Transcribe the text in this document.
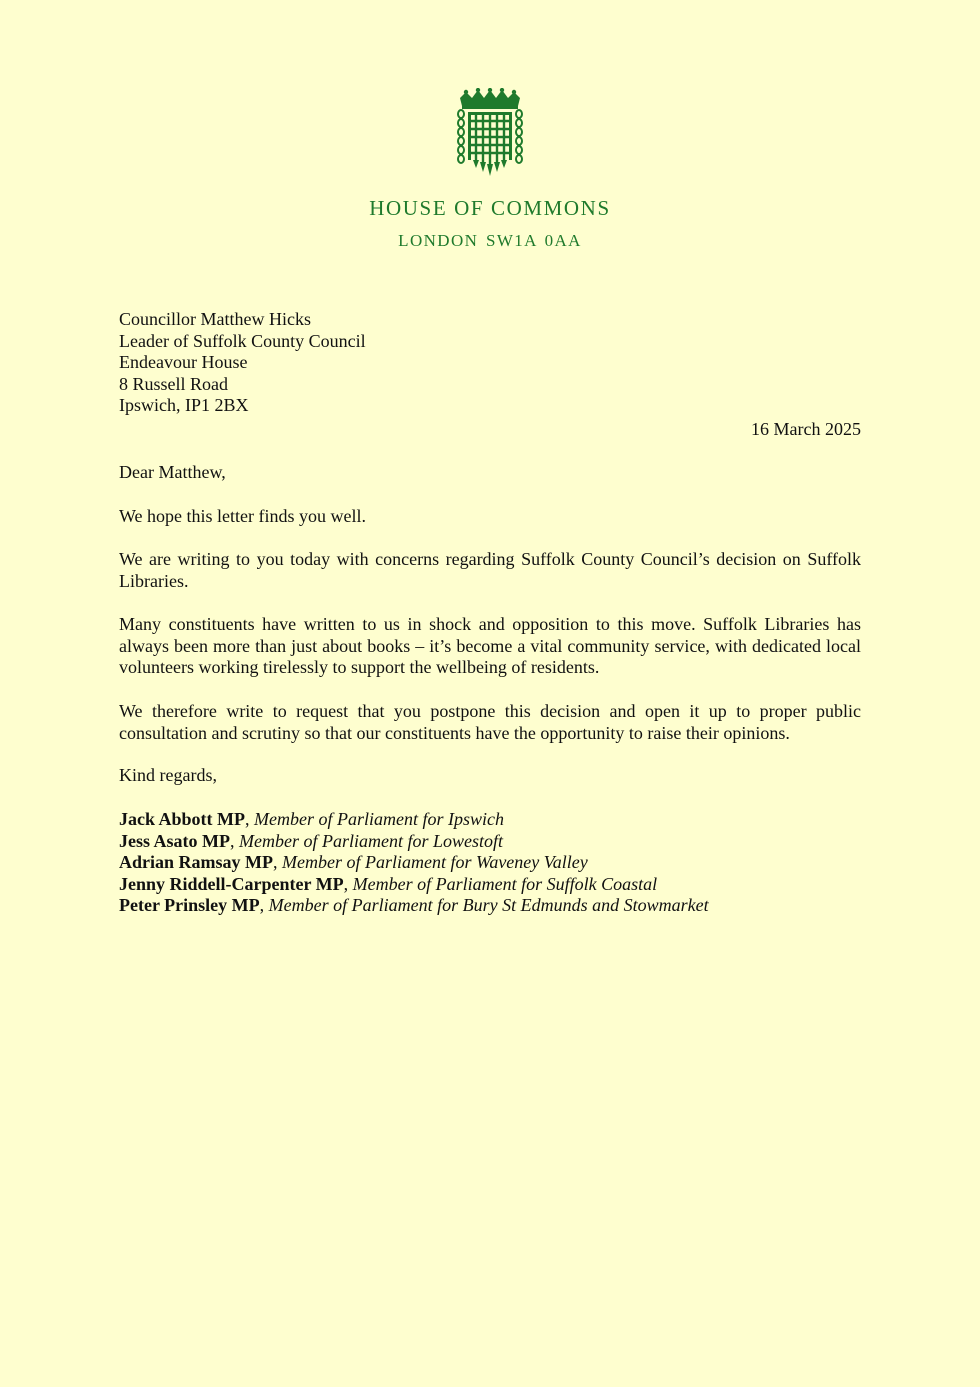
HOUSE OF COMMONS
LONDON SW1A 0AA
Councillor Matthew Hicks
Leader of Suffolk County Council
Endeavour House
8 Russell Road
Ipswich, IP1 2BX
16 March 2025
Dear Matthew,
We hope this letter finds you well.
We are writing to you today with concerns regarding Suffolk County Council’s decision on Suffolk Libraries.
Many constituents have written to us in shock and opposition to this move. Suffolk Libraries has always been more than just about books – it’s become a vital community service, with dedicated local volunteers working tirelessly to support the wellbeing of residents.
We therefore write to request that you postpone this decision and open it up to proper public consultation and scrutiny so that our constituents have the opportunity to raise their opinions.
Kind regards,
Jack Abbott MP, Member of Parliament for Ipswich
Jess Asato MP, Member of Parliament for Lowestoft
Adrian Ramsay MP, Member of Parliament for Waveney Valley
Jenny Riddell-Carpenter MP, Member of Parliament for Suffolk Coastal
Peter Prinsley MP, Member of Parliament for Bury St Edmunds and Stowmarket
